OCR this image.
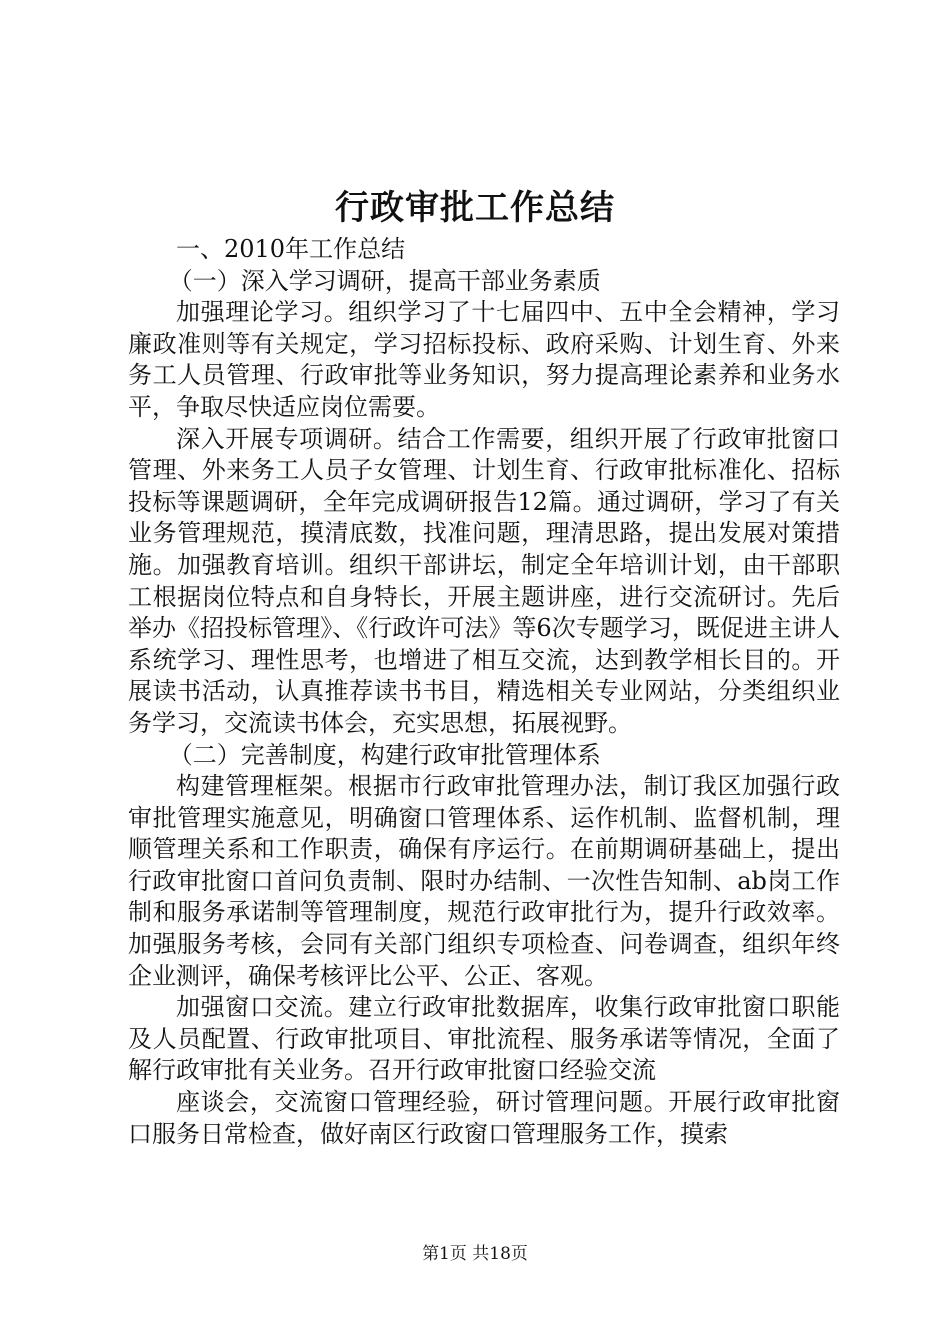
行政审批工作总结

一、2010年工作总结

（一）深入学习调研，提高干部业务素质

加强理论学习。组织学习了十七届四中、五中全会精神，学习廉政准则等有关规定，学习招标投标、政府采购、计划生育、外来务工人员管理、行政审批等业务知识，努力提高理论素养和业务水平，争取尽快适应岗位需要。

深入开展专项调研。结合工作需要，组织开展了行政审批窗口管理、外来务工人员子女管理、计划生育、行政审批标准化、招标投标等课题调研，全年完成调研报告12篇。通过调研，学习了有关业务管理规范，摸清底数，找准问题，理清思路，提出发展对策措施。加强教育培训。组织干部讲坛，制定全年培训计划，由干部职工根据岗位特点和自身特长，开展主题讲座，进行交流研讨。先后举办《招投标管理》、《行政许可法》等6次专题学习，既促进主讲人系统学习、理性思考，也增进了相互交流，达到教学相长目的。开展读书活动，认真推荐读书书目，精选相关专业网站，分类组织业务学习，交流读书体会，充实思想，拓展视野。

（二）完善制度，构建行政审批管理体系

构建管理框架。根据市行政审批管理办法，制订我区加强行政审批管理实施意见，明确窗口管理体系、运作机制、监督机制，理顺管理关系和工作职责，确保有序运行。在前期调研基础上，提出行政审批窗口首问负责制、限时办结制、一次性告知制、ab岗工作制和服务承诺制等管理制度，规范行政审批行为，提升行政效率。加强服务考核，会同有关部门组织专项检查、问卷调查，组织年终企业测评，确保考核评比公平、公正、客观。

加强窗口交流。建立行政审批数据库，收集行政审批窗口职能及人员配置、行政审批项目、审批流程、服务承诺等情况，全面了解行政审批有关业务。召开行政审批窗口经验交流

座谈会，交流窗口管理经验，研讨管理问题。开展行政审批窗口服务日常检查，做好南区行政窗口管理服务工作，摸索

第1页 共18页
